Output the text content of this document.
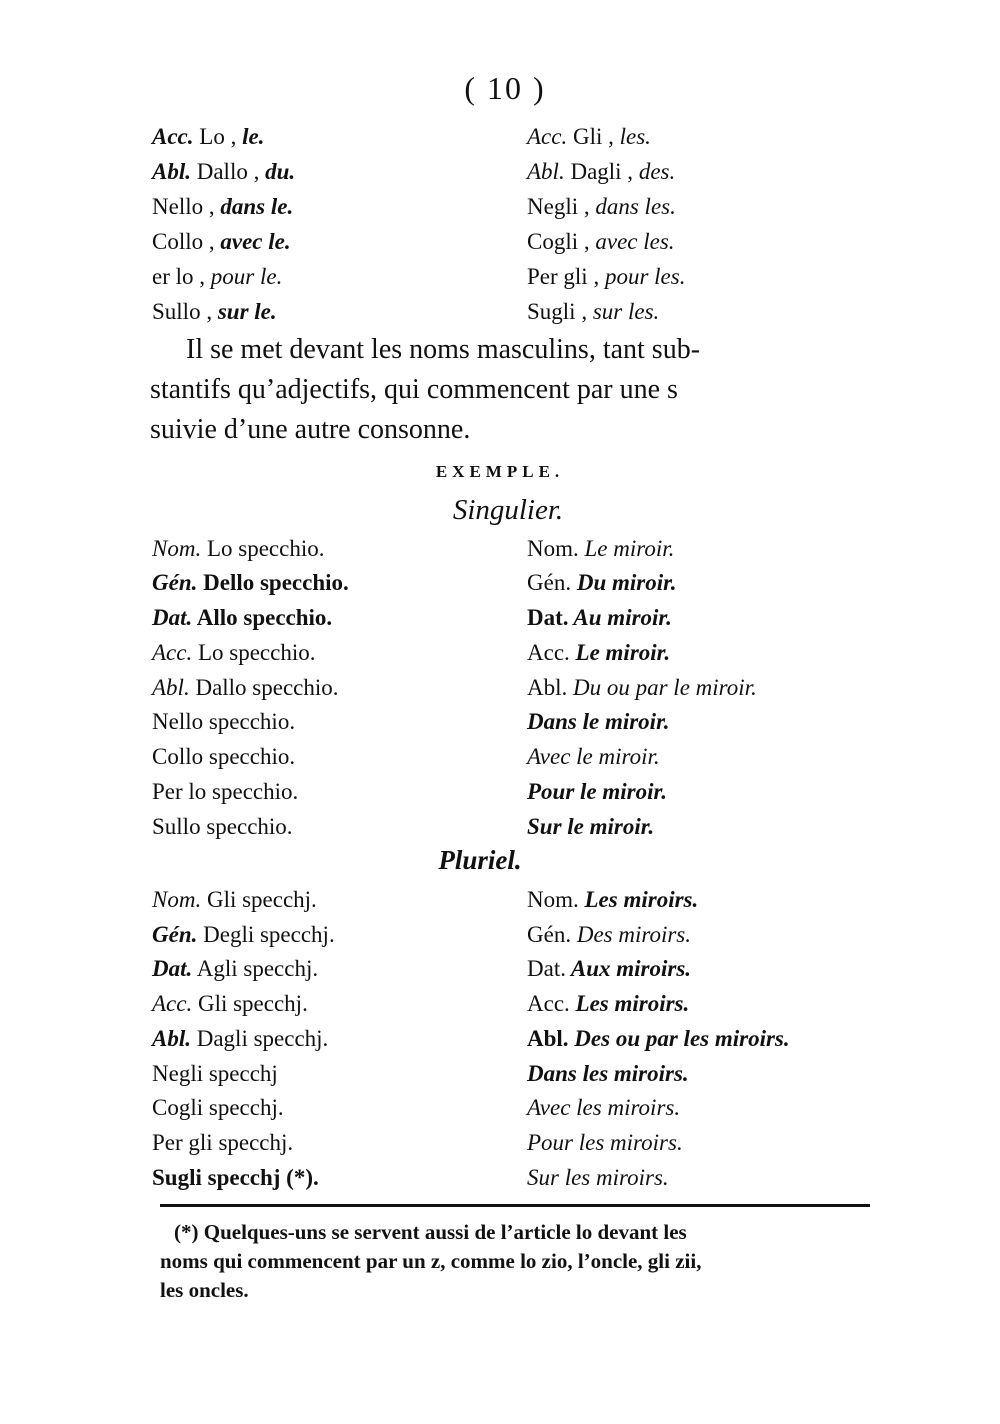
( 10 )
Acc. Lo , le.	Acc. Gli , les.
Abl. Dallo , du.	Abl. Dagli , des.
Nello , dans le.	Negli , dans les.
Collo , avec le.	Cogli , avec les.
er lo , pour le.	Per gli , pour les.
Sullo , sur le.	Sugli , sur les.
Il se met devant les noms masculins, tant sub-
stantifs qu’adjectifs, qui commencent par une s
suivie d’une autre consonne.
EXEMPLE.
Singulier.
Nom. Lo specchio.	Nom. Le miroir.
Gén. Dello specchio.	Gén. Du miroir.
Dat. Allo specchio.	Dat. Au miroir.
Acc. Lo specchio.	Acc. Le miroir.
Abl. Dallo specchio.	Abl. Du ou par le miroir.
Nello specchio.	Dans le miroir.
Collo specchio.	Avec le miroir.
Per lo specchio.	Pour le miroir.
Sullo specchio.	Sur le miroir.
Pluriel.
Nom. Gli specchj.	Nom. Les miroirs.
Gén. Degli specchj.	Gén. Des miroirs.
Dat. Agli specchj.	Dat. Aux miroirs.
Acc. Gli specchj.	Acc. Les miroirs.
Abl. Dagli specchj.	Abl. Des ou par les miroirs.
Negli specchj	Dans les miroirs.
Cogli specchj.	Avec les miroirs.
Per gli specchj.	Pour les miroirs.
Sugli specchj (*).	Sur les miroirs.
(*) Quelques-uns se servent aussi de l’article lo devant les
noms qui commencent par un z, comme lo zio, l’oncle, gli zii,
les oncles.
